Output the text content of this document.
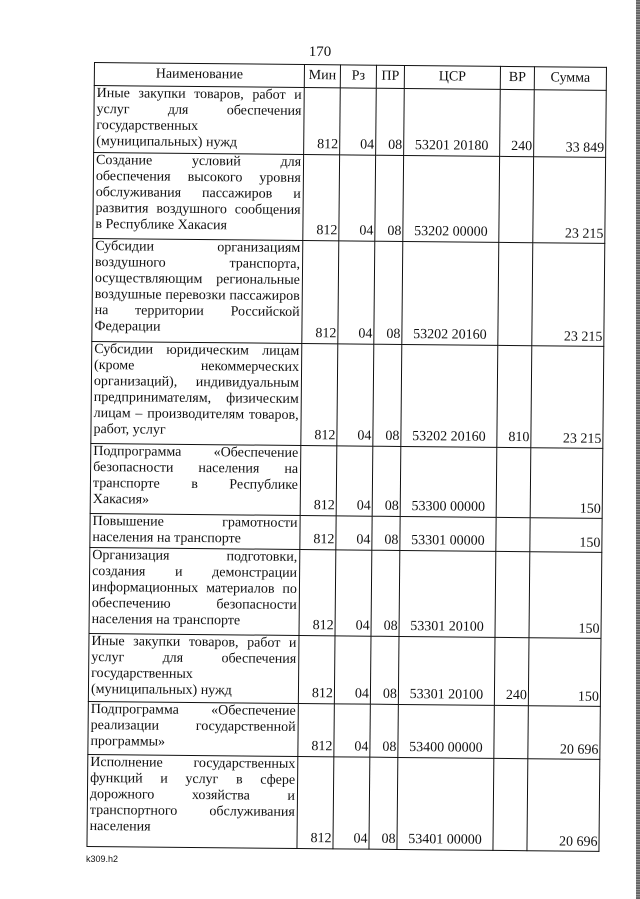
170
Наименование	Мин	Рз	ПР	ЦСР	ВР	Сумма
Иные закупки товаров, работ и услуг для обеспечения государственных (муниципальных) нужд	812	04	08	53201 20180	240	33 849
Создание условий для обеспечения высокого уровня обслуживания пассажиров и развития воздушного сообщения в Республике Хакасия	812	04	08	53202 00000		23 215
Субсидии организациям воздушного транспорта, осуществляющим региональные воздушные перевозки пассажиров на территории Российской Федерации	812	04	08	53202 20160		23 215
Субсидии юридическим лицам (кроме некоммерческих организаций), индивидуальным предпринимателям, физическим лицам – производителям товаров, работ, услуг	812	04	08	53202 20160	810	23 215
Подпрограмма «Обеспечение безопасности населения на транспорте в Республике Хакасия»	812	04	08	53300 00000		150
Повышение грамотности населения на транспорте	812	04	08	53301 00000		150
Организация подготовки, создания и демонстрации информационных материалов по обеспечению безопасности населения на транспорте	812	04	08	53301 20100		150
Иные закупки товаров, работ и услуг для обеспечения государственных (муниципальных) нужд	812	04	08	53301 20100	240	150
Подпрограмма «Обеспечение реализации государственной программы»	812	04	08	53400 00000		20 696
Исполнение государственных функций и услуг в сфере дорожного хозяйства и транспортного обслуживания населения	812	04	08	53401 00000		20 696
k309.h2
